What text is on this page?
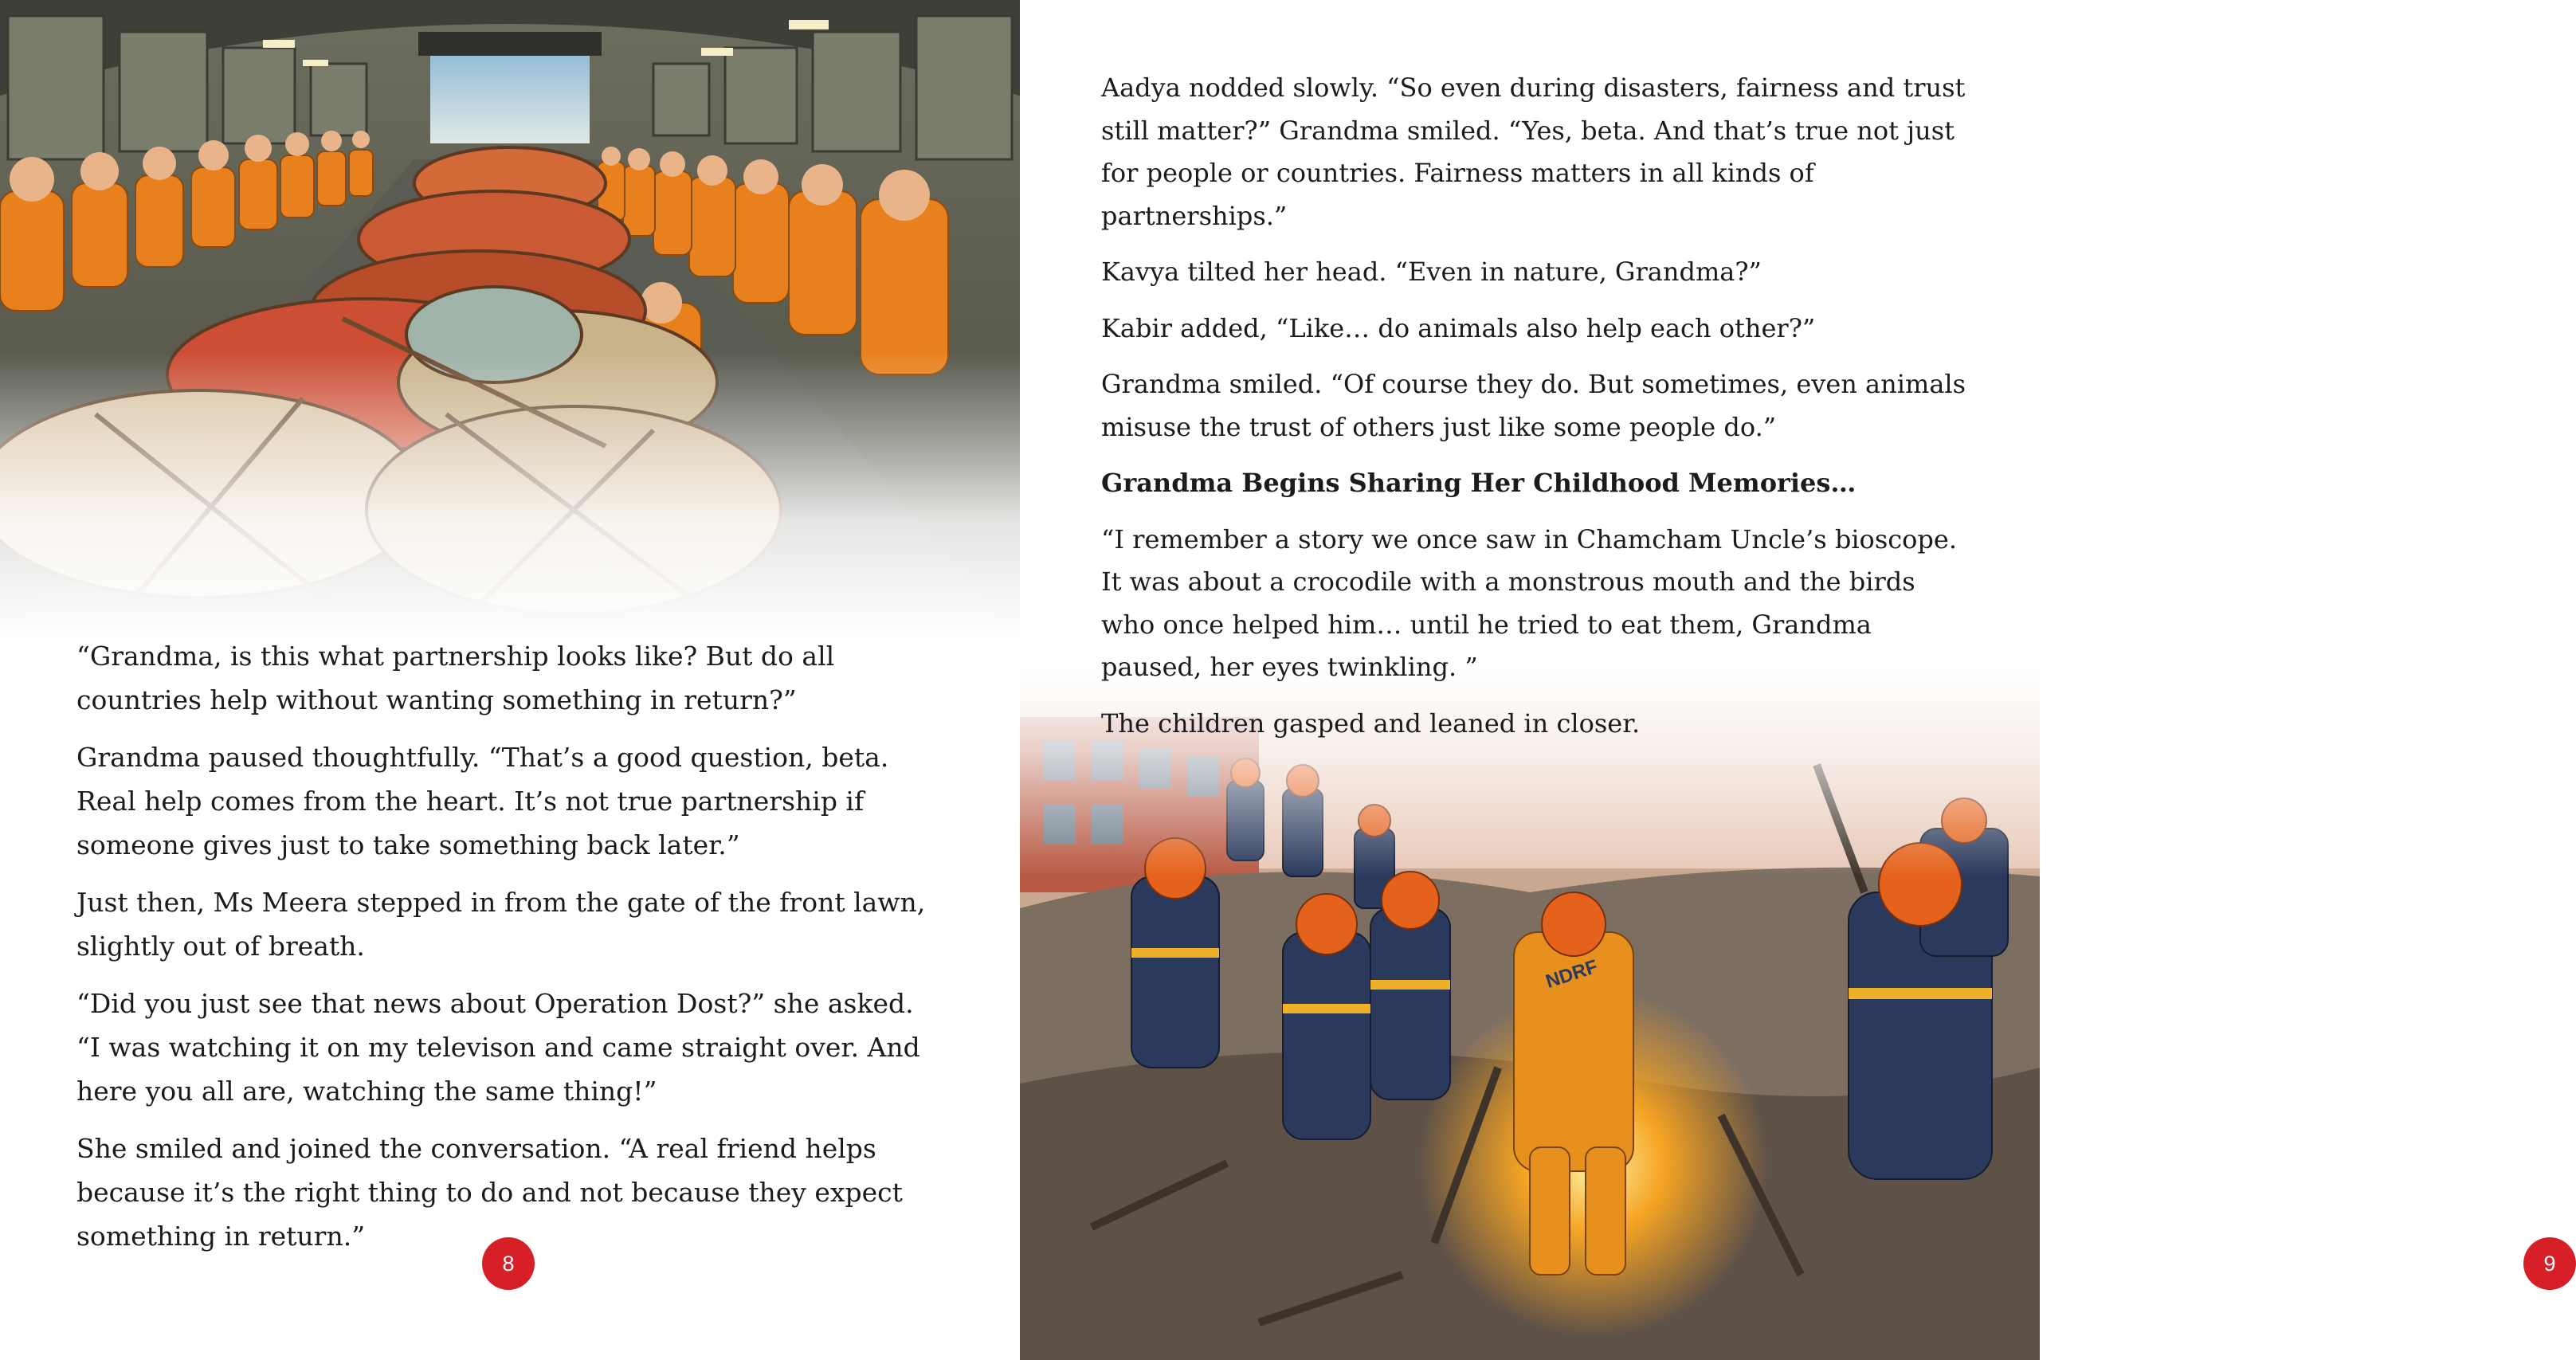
“Grandma, is this what partnership looks like? But do all countries help without wanting something in return?”

Grandma paused thoughtfully. “That’s a good question, beta. Real help comes from the heart. It’s not true partnership if someone gives just to take something back later.”

Just then, Ms Meera stepped in from the gate of the front lawn, slightly out of breath.

“Did you just see that news about Operation Dost?” she asked. “I was watching it on my televison and came straight over. And here you all are, watching the same thing!”

She smiled and joined the conversation. “A real friend helps because it’s the right thing to do and not because they expect something in return.”

8

Aadya nodded slowly. “So even during disasters, fairness and trust still matter?” Grandma smiled. “Yes, beta. And that’s true not just for people or countries. Fairness matters in all kinds of partnerships.”

Kavya tilted her head. “Even in nature, Grandma?”

Kabir added, “Like… do animals also help each other?”

Grandma smiled. “Of course they do. But sometimes, even animals misuse the trust of others just like some people do.”

Grandma Begins Sharing Her Childhood Memories…

“I remember a story we once saw in Chamcham Uncle’s bioscope. It was about a crocodile with a monstrous mouth and the birds who once helped him… until he tried to eat them, Grandma paused, her eyes twinkling. ”

The children gasped and leaned in closer.

9
